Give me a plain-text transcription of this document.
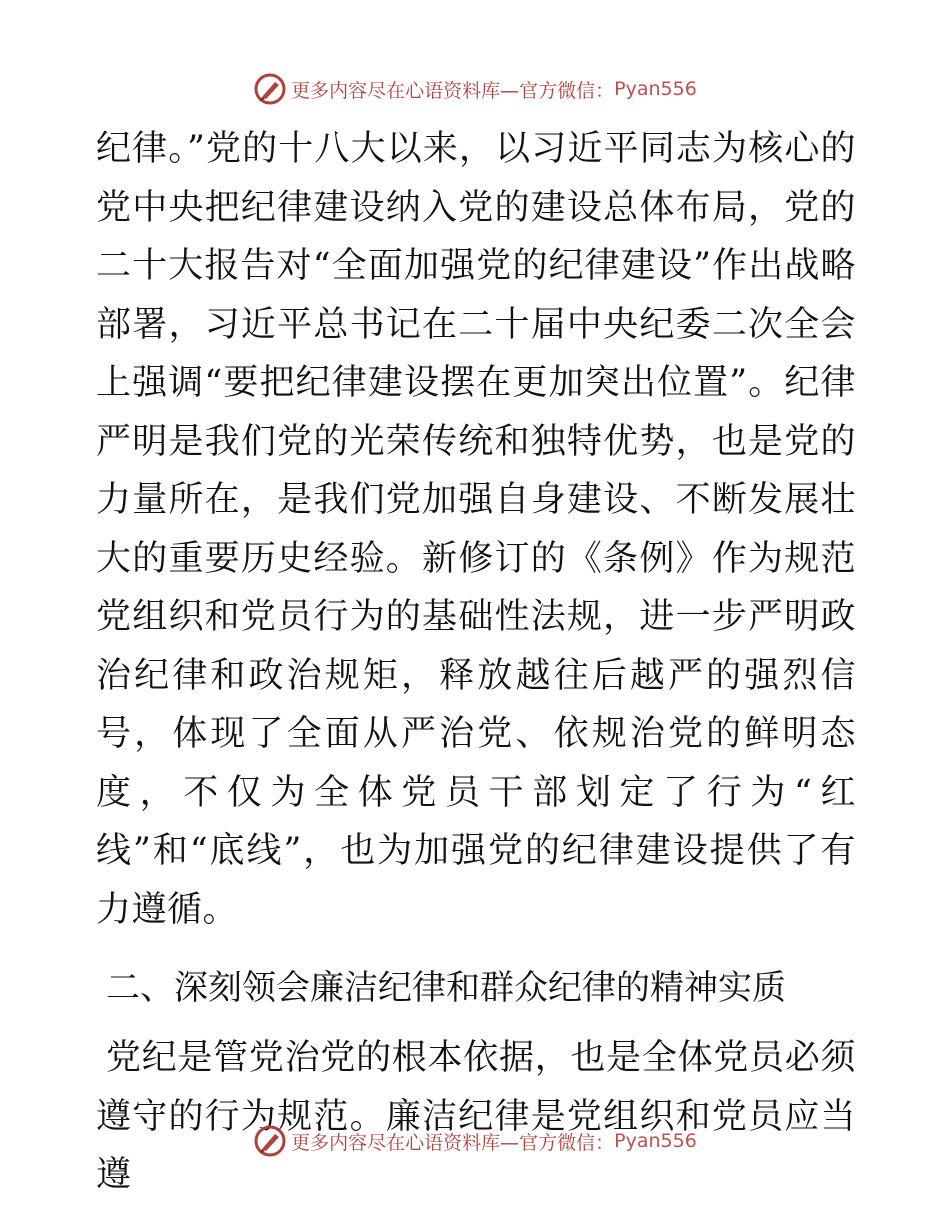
更多内容尽在心语资料库—官方微信： Pyan556

纪律。”党的十八大以来，以习近平同志为核心的党中央把纪律建设纳入党的建设总体布局，党的二十大报告对“全面加强党的纪律建设”作出战略部署，习近平总书记在二十届中央纪委二次全会上强调“要把纪律建设摆在更加突出位置”。纪律严明是我们党的光荣传统和独特优势，也是党的力量所在，是我们党加强自身建设、不断发展壮大的重要历史经验。新修订的《条例》作为规范党组织和党员行为的基础性法规，进一步严明政治纪律和政治规矩，释放越往后越严的强烈信号，体现了全面从严治党、依规治党的鲜明态度，不仅为全体党员干部划定了行为“红线”和“底线”，也为加强党的纪律建设提供了有力遵循。

二、深刻领会廉洁纪律和群众纪律的精神实质

党纪是管党治党的根本依据，也是全体党员必须遵守的行为规范。廉洁纪律是党组织和党员应当遵

更多内容尽在心语资料库—官方微信： Pyan556
